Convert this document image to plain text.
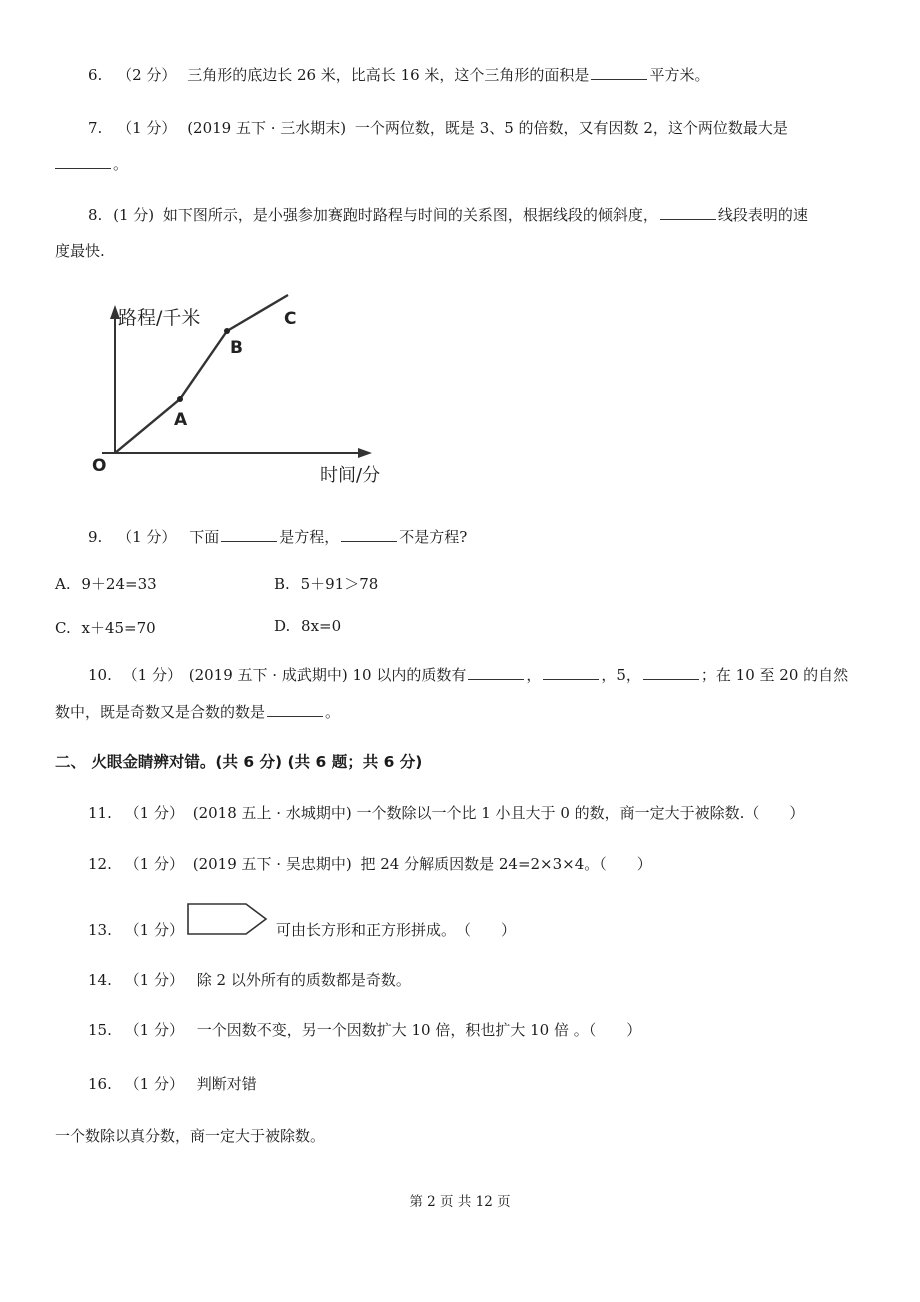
6. （2 分） 三角形的底边长 26 米，比高长 16 米，这个三角形的面积是	平方米。
7. （1 分） (2019 五下 · 三水期末) 一个两位数，既是 3、5 的倍数，又有因数 2，这个两位数最大是
。
8. (1 分) 如下图所示，是小强参加赛跑时路程与时间的关系图，根据线段的倾斜度，	线段表明的速
度最快.
路程/千米
时间/分
O
A
B
C
9. （1 分） 下面	是方程，	不是方程?
A. 9＋24=33	B. 5＋91＞78
C. x＋45=70	D. 8x=0
10. （1 分） (2019 五下 · 成武期中) 10 以内的质数有	，	，5，	；在 10 至 20 的自然
数中，既是奇数又是合数的数是	。
二、 火眼金睛辨对错。(共 6 分) (共 6 题；共 6 分)
11. （1 分） (2018 五上 · 水城期中) 一个数除以一个比 1 小且大于 0 的数，商一定大于被除数.（　　）
12. （1 分） (2019 五下 · 吴忠期中) 把 24 分解质因数是 24=2×3×4。（　　）
13. （1 分）	可由长方形和正方形拼成。　（　　）
14. （1 分） 除 2 以外所有的质数都是奇数。
15. （1 分） 一个因数不变，另一个因数扩大 10 倍，积也扩大 10 倍 。（　　）
16. （1 分） 判断对错
一个数除以真分数，商一定大于被除数。
第 2 页 共 12 页
